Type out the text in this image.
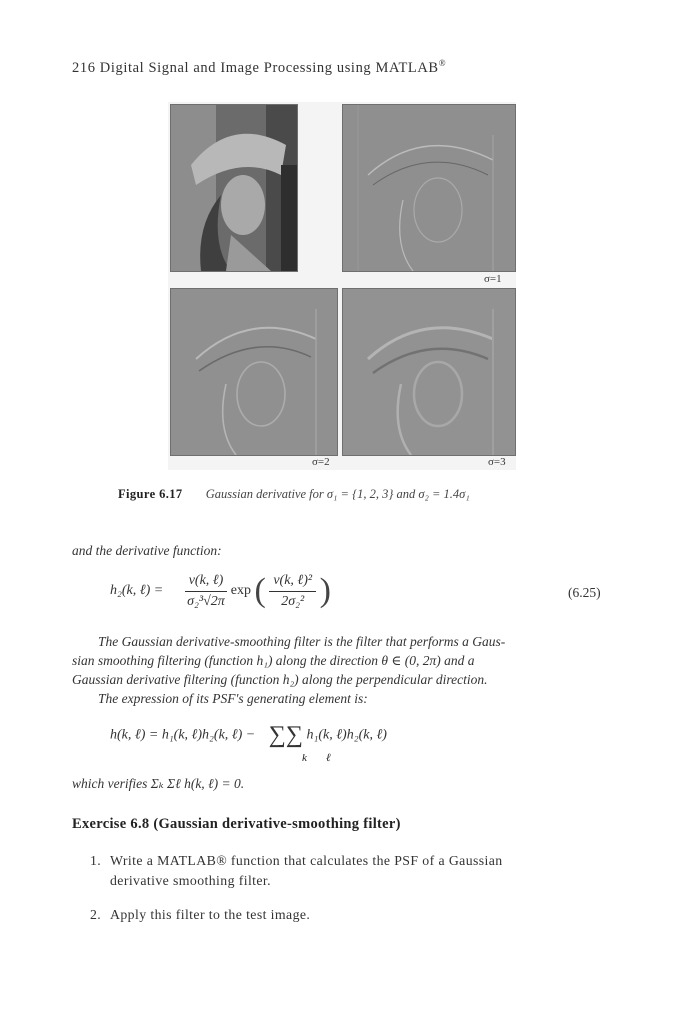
216 Digital Signal and Image Processing using MATLAB®
σ=1
σ=2	σ=3
Figure 6.17 Gaussian derivative for σ₁ = {1, 2, 3} and σ₂ = 1.4σ₁
and the derivative function:
h₂(k, ℓ) = $\frac{\text{v(k, ℓ)}}{\text{σ₂³√2π}}$ exp ( $\frac{\text{v(k, ℓ)²}}{\text{2σ₂²}}$ )	(6.25)
The Gaussian derivative-smoothing filter is the filter that performs a Gaus-
sian smoothing filtering (function h₁) along the direction θ ∈ (0, 2π) and a
Gaussian derivative filtering (function h₂) along the perpendicular direction.
The expression of its PSF's generating element is:
h(k, ℓ) = h₁(k, ℓ)h₂(k, ℓ) − ∑∑ h₁(k, ℓ)h₂(k, ℓ)
k ℓ
which verifies Σₖ Σℓ h(k, ℓ) = 0.
Exercise 6.8 (Gaussian derivative-smoothing filter)
1. Write a MATLAB® function that calculates the PSF of a Gaussian
derivative smoothing filter.
2. Apply this filter to the test image.
